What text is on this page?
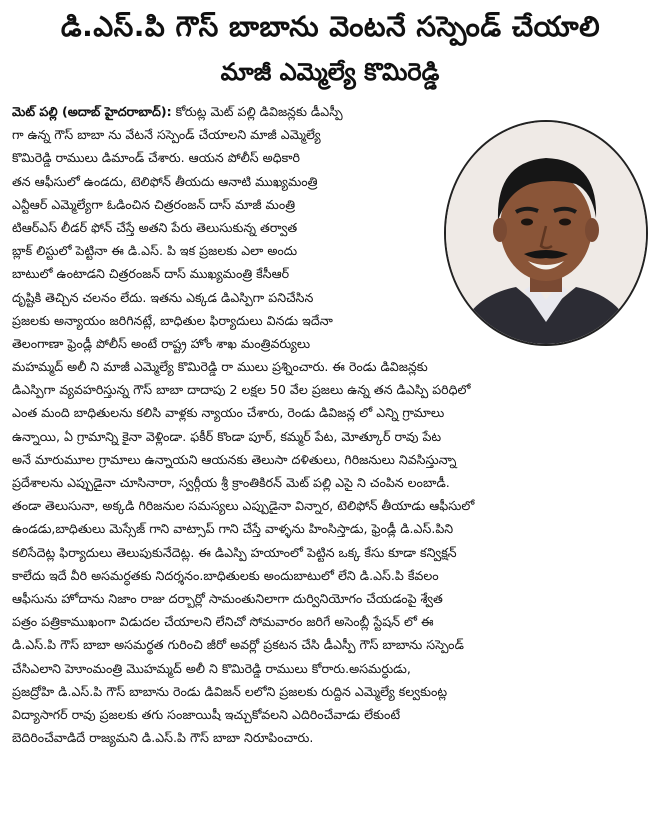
డి.ఎస్.పి గౌస్ బాబాను వెంటనే సస్పెండ్ చేయాలి
మాజీ ఎమ్మెల్యే కొమిరెడ్డి
మెట్ పల్లి (అదాబ్ హైదరాబాద్): కోరుట్ల మెట్ పల్లి డివిజన్లకు డీఎస్పీ
గా ఉన్న గౌస్ బాబా ను వేటనే సస్పెండ్ చేయాలని మాజీ ఎమ్మెల్యే
కొమిరెడ్డి రాములు డిమాండ్ చేశారు. ఆయన పోలీస్ అధికారి
తన ఆఫీసులో ఉండదు, టెలిఫోన్ తీయదు ఆనాటి ముఖ్యమంత్రి
ఎన్టీఆర్ ఎమ్మెల్యేగా ఓడించిన చిత్రరంజన్ దాస్ మాజీ మంత్రి
టిఆర్ఎస్ లీడర్ ఫోన్ చేస్తే అతని పేరు తెలుసుకున్న తర్వాత
బ్లాక్ లిస్టులో పెట్టినా ఈ డి.ఎస్. పి ఇక ప్రజలకు ఎలా అందు
బాటులో ఉంటాడని చిత్రరంజన్ దాస్ ముఖ్యమంత్రి కేసీఆర్
దృష్టికి తెచ్చిన చలనం లేదు. ఇతను ఎక్కడ డిఎస్పిగా పనిచేసిన
ప్రజలకు అన్యాయం జరిగినట్లే, బాధితుల ఫిర్యాదులు వినడు ఇదేనా
తెలంగాణా ఫ్రెండ్లీ పోలీస్ అంటే రాష్ట్ర హోం శాఖ మంత్రివర్యులు
మహమ్మద్ అలీ ని మాజీ ఎమ్మెల్యే కొమిరెడ్డి రా ములు ప్రశ్నించారు. ఈ రెండు డివిజన్లకు
డిఎస్పిగా వ్యవహరిస్తున్న గౌస్ బాబా దాదాపు 2 లక్షల 50 వేల ప్రజలు ఉన్న తన డిఎస్పి పరిధిలో
ఎంత మంది బాధితులను కలిసి వాళ్లకు న్యాయం చేశారు, రెండు డివిజన్ల లో ఎన్ని గ్రామాలు
ఉన్నాయి, ఏ గ్రామాన్ని కైనా వెళ్లిండా. ఫకీర్ కొండా పూర్, కమ్మర్ పేట, మోత్కూర్ రావు పేట
అనే మారుమూల గ్రామాలు ఉన్నాయని ఆయనకు తెలుసా దళితులు, గిరిజనులు నివసిస్తున్నా
ప్రదేశాలను ఎప్పుడైనా చూసినారా, స్వర్గీయ శ్రీ క్రాంతికిరన్ మెట్ పల్లి ఎసై ని చంపిన లంబాడీ.
తండా తెలుసునా, అక్కడి గిరిజనుల సమస్యలు ఎప్పుడైనా విన్నార, టెలిఫోన్ తీయాడు ఆఫీసులో
ఉండడు,బాధితులు మెస్సేజ్ గాని వాట్సాప్ గాని చేస్తే వాళ్ళను హింసిస్తాడు, ఫ్రెండ్లీ డి.ఎస్.పిని
కలిసేదెట్ల ఫిర్యాదులు తెలుపుకునేదెట్ల. ఈ డిఎస్పి హయాంలో పెట్టిన ఒక్క కేసు కూడా కన్విక్షన్
కాలేదు ఇదే వీరి అసమర్ధతకు నిదర్శనం.బాధితులకు అందుబాటులో లేని డి.ఎస్.పి కేవలం
ఆఫీసును హోదాను నిజాం రాజు దర్బార్లో సామంతునిలాగా దుర్వినియోగం చేయడంపై శ్వేత
పత్రం పత్రికాముఖంగా విడుదల చేయాలని లేనిచో సోమవారం జరిగే అసెంబ్లీ స్టేషన్ లో ఈ
డి.ఎస్.పి గౌస్ బాబా అసమర్థత గురించి జీరో అవర్లో ప్రకటన చేసి డీఎస్పీ గౌస్ బాబాను సస్పెండ్
చేసిఎలాని హెూంమంత్రి మొహమ్మద్ అలీ ని కొమిరెడ్డి రాములు కోరారు.అసమర్ధుడు,
ప్రజద్రోహి డి.ఎస్.పి గౌస్ బాబాను రెండు డివిజన్ లలోని ప్రజలకు రుద్దిన ఎమ్మెల్యే కల్వకుంట్ల
విద్యాసాగర్ రావు ప్రజలకు తగు సంజాయిషీ ఇచ్చుకోవలని ఎదిరించేవాడు లేకుంటే
బెదిరించేవాడిదే రాజ్యమని డి.ఎస్.పి గౌస్ బాబా నిరూపించారు.
